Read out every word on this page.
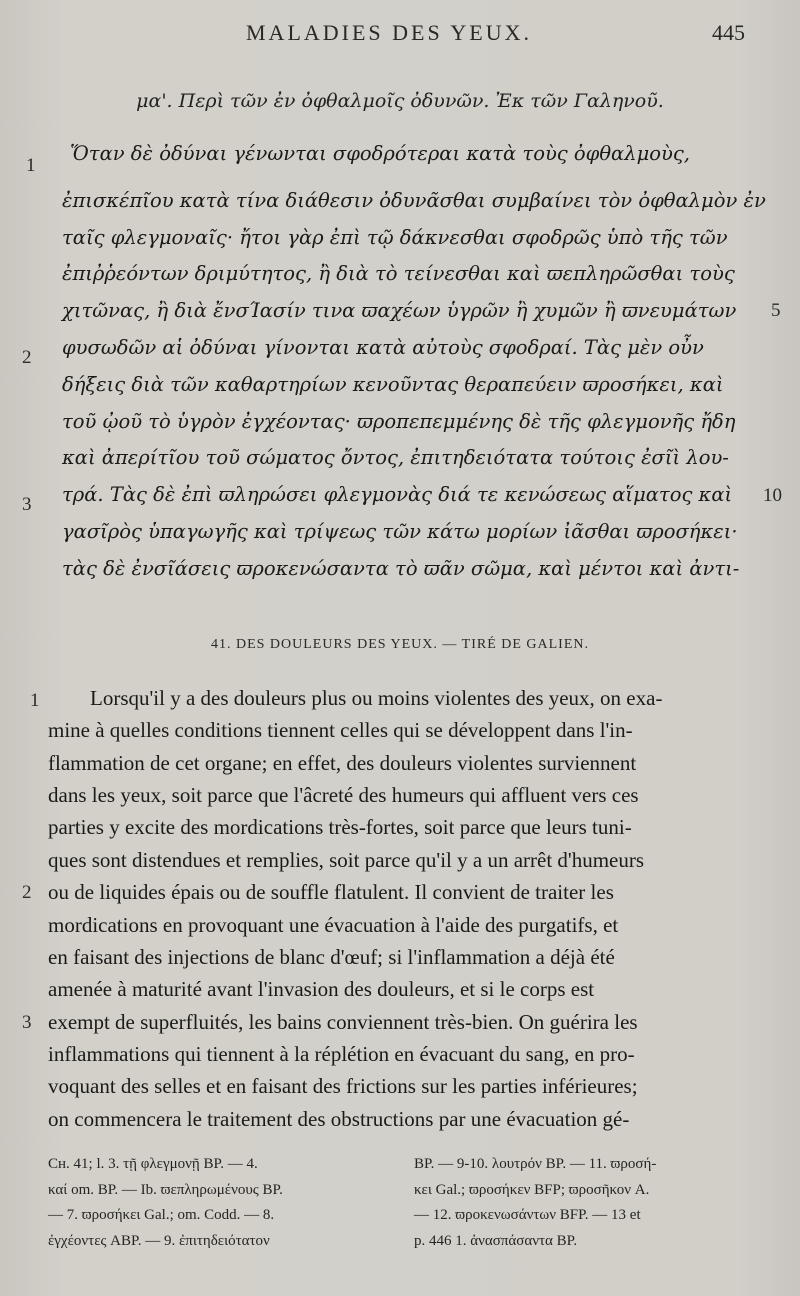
MALADIES DES YEUX.	445
μα'. Περὶ τῶν ἐν ὀφθαλμοῖς ὀδυνῶν. Ἐκ τῶν Γαληνοῦ.
Ὅταν δὲ ὀδύναι γένωνται σφοδρότεραι κατὰ τοὺς ὀφθαλμοὺς,
ἐπισκέπῖου κατὰ τίνα διάθεσιν ὀδυνᾶσθαι συμβαίνει τὸν ὀφθαλμὸν ἐν
ταῖς φλεγμοναῖς· ἤτοι γὰρ ἐπὶ τῷ δάκνεσθαι σφοδρῶς ὑπὸ τῆς τῶν
ἐπιῤῥεόντων δριμύτητος, ἢ διὰ τὸ τείνεσθαι καὶ ϖεπληρῶσθαι τοὺς
χιτῶνας, ἢ διὰ ἔνσΊασίν τινα ϖαχέων ὑγρῶν ἢ χυμῶν ἢ ϖνευμάτων
φυσωδῶν αἱ ὀδύναι γίνονται κατὰ αὐτοὺς σφοδραί. Τὰς μὲν οὖν
δήξεις διὰ τῶν καθαρτηρίων κενοῦντας θεραπεύειν ϖροσήκει, καὶ
τοῦ ᾠοῦ τὸ ὑγρὸν ἐγχέοντας· ϖροπεπεμμένης δὲ τῆς φλεγμονῆς ἤδη
καὶ ἀπερίτῖου τοῦ σώματος ὄντος, ἐπιτηδειότατα τούτοις ἐσῖὶ λου-
τρά. Τὰς δὲ ἐπὶ ϖληρώσει φλεγμονὰς διά τε κενώσεως αἵματος καὶ
γασῖρὸς ὑπαγωγῆς καὶ τρίψεως τῶν κάτω μορίων ἰᾶσθαι ϖροσήκει·
τὰς δὲ ἐνσῖάσεις ϖροκενώσαντα τὸ ϖᾶν σῶμα, καὶ μέντοι καὶ ἀντι-
1
2
3
5
10
41. DES DOULEURS DES YEUX. — TIRÉ DE GALIEN.
Lorsqu'il y a des douleurs plus ou moins violentes des yeux, on exa-
mine à quelles conditions tiennent celles qui se développent dans l'in-
flammation de cet organe; en effet, des douleurs violentes surviennent
dans les yeux, soit parce que l'âcreté des humeurs qui affluent vers ces
parties y excite des mordications très-fortes, soit parce que leurs tuni-
ques sont distendues et remplies, soit parce qu'il y a un arrêt d'humeurs
ou de liquides épais ou de souffle flatulent. Il convient de traiter les
mordications en provoquant une évacuation à l'aide des purgatifs, et
en faisant des injections de blanc d'œuf; si l'inflammation a déjà été
amenée à maturité avant l'invasion des douleurs, et si le corps est
exempt de superfluités, les bains conviennent très-bien. On guérira les
inflammations qui tiennent à la réplétion en évacuant du sang, en pro-
voquant des selles et en faisant des frictions sur les parties inférieures;
on commencera le traitement des obstructions par une évacuation gé-
1
2
3
Cн. 41; l. 3. τῇ φλεγμονῇ BP. — 4.
καί om. BP. — Ib. ϖεπληρωμένους BP.
— 7. ϖροσήκει Gal.; om. Codd. — 8.
ἐγχέοντες ABP. — 9. ἐπιτηδειότατον
BP. — 9-10. λουτρόν BP. — 11. ϖροσή-
κει Gal.; ϖροσήκεν BFP; ϖροσῆκον A.
— 12. ϖροκενωσάντων BFP. — 13 et
p. 446 1. ἀνασπάσαντα BP.
